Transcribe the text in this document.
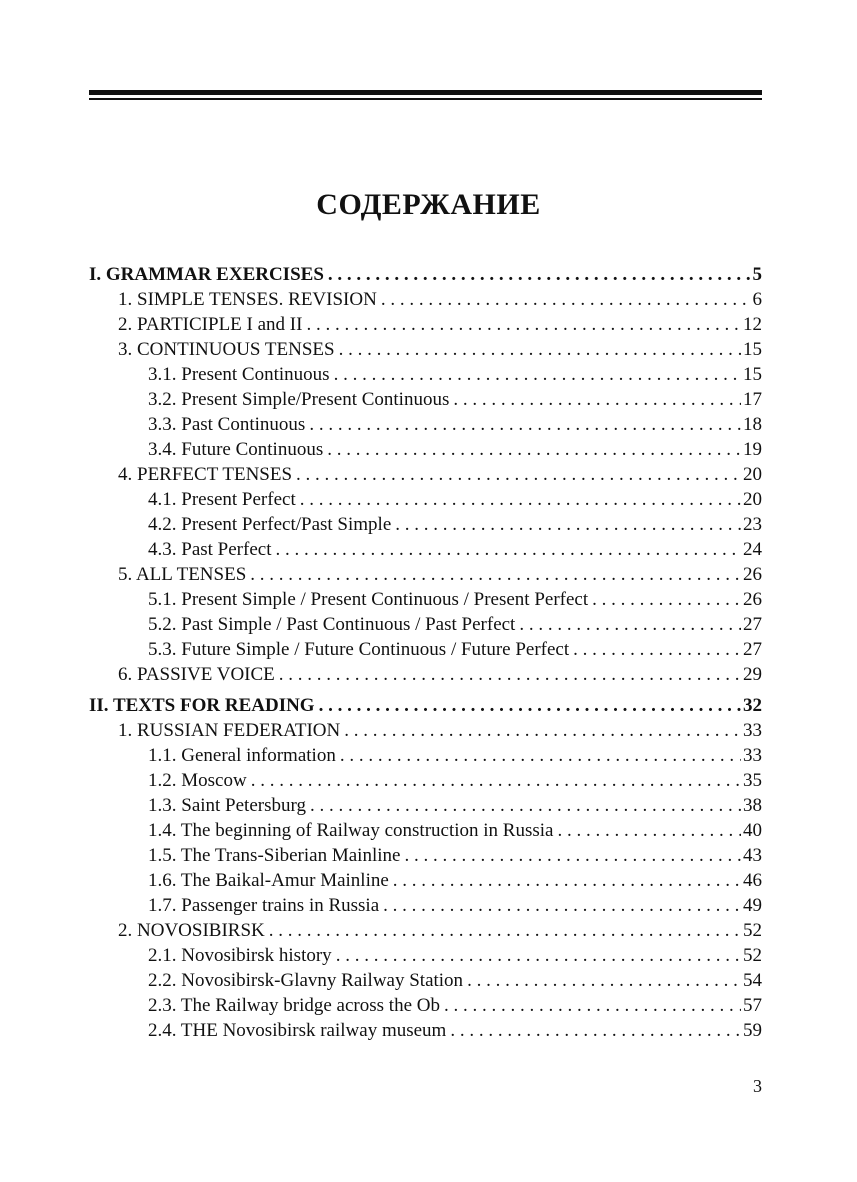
СОДЕРЖАНИЕ
I. GRAMMAR EXERCISES . . .	5
1. SIMPLE TENSES. REVISION . . .	6
2. PARTICIPLE I and II . . .	12
3. CONTINUOUS TENSES . . .	15
3.1. Present Continuous . . .	15
3.2. Present Simple/Present Continuous . . .	17
3.3. Past Continuous . . .	18
3.4. Future Continuous . . .	19
4. PERFECT TENSES . . .	20
4.1. Present Perfect . . .	20
4.2. Present Perfect/Past Simple . . .	23
4.3. Past Perfect . . .	24
5. ALL TENSES . . .	26
5.1. Present Simple / Present Continuous / Present Perfect . . .	26
5.2. Past Simple / Past Continuous / Past Perfect . . .	27
5.3. Future Simple / Future Continuous / Future Perfect . . .	27
6. PASSIVE VOICE . . .	29
II. TEXTS FOR READING . . .	32
1. RUSSIAN FEDERATION . . .	33
1.1. General information . . .	33
1.2. Moscow . . .	35
1.3. Saint Petersburg . . .	38
1.4. The beginning of Railway construction in Russia . . .	40
1.5. The Trans-Siberian Mainline . . .	43
1.6. The Baikal-Amur Mainline . . .	46
1.7. Passenger trains in Russia . . .	49
2. NOVOSIBIRSK . . .	52
2.1. Novosibirsk history . . .	52
2.2. Novosibirsk-Glavny Railway Station . . .	54
2.3. The Railway bridge across the Ob . . .	57
2.4. THE Novosibirsk railway museum . . .	59
3
